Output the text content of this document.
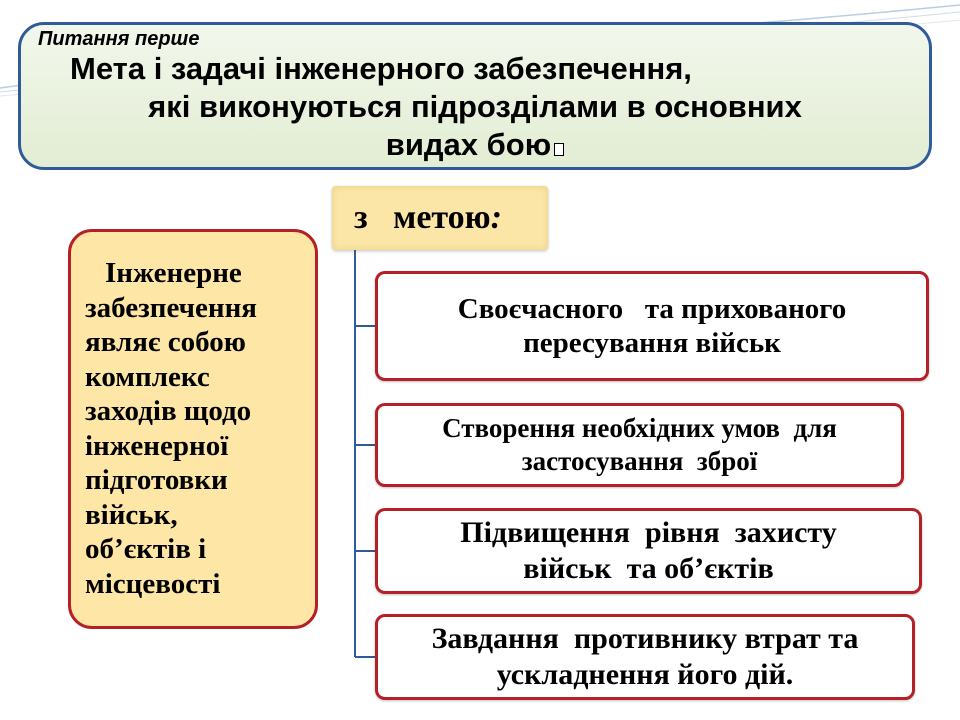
Питання перше
Мета і задачі інженерного забезпечення,
які виконуються підрозділами в основних
видах бою
з   метою :
Інженерне
забезпечення
являє собою
комплекс
заходів щодо
інженерної
підготовки
військ,
об’єктів і
місцевості
Своєчасного   та прихованого
пересування військ
Створення необхідних умов  для
застосування  зброї
Підвищення  рівня  захисту
військ  та об’єктів
Завдання  противнику втрат та
ускладнення його дій.
